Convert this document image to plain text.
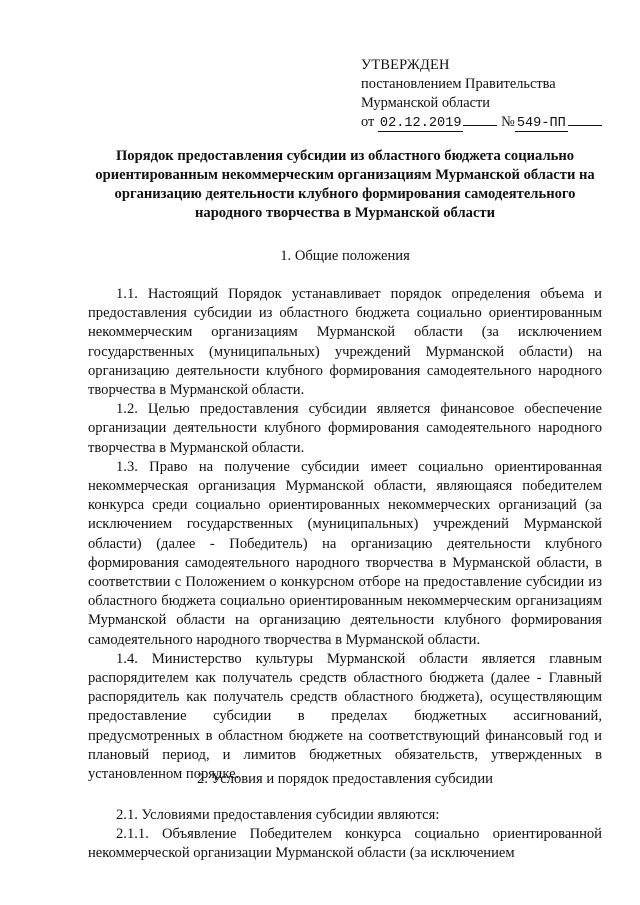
УТВЕРЖДЕН
постановлением Правительства
Мурманской области
от 02.12.2019	№ 549-ПП
Порядок предоставления субсидии из областного бюджета социально ориентированным некоммерческим организациям Мурманской области на организацию деятельности клубного формирования самодеятельного народного творчества в Мурманской области
1. Общие положения

1.1. Настоящий Порядок устанавливает порядок определения объема и предоставления субсидии из областного бюджета социально ориентированным некоммерческим организациям Мурманской области (за исключением государственных (муниципальных) учреждений Мурманской области) на организацию деятельности клубного формирования самодеятельного народного творчества в Мурманской области.

1.2. Целью предоставления субсидии является финансовое обеспечение организации деятельности клубного формирования самодеятельного народного творчества в Мурманской области.

1.3. Право на получение субсидии имеет социально ориентированная некоммерческая организация Мурманской области, являющаяся победителем конкурса среди социально ориентированных некоммерческих организаций (за исключением государственных (муниципальных) учреждений Мурманской области) (далее - Победитель) на организацию деятельности клубного формирования самодеятельного народного творчества в Мурманской области, в соответствии с Положением о конкурсном отборе на предоставление субсидии из областного бюджета социально ориентированным некоммерческим организациям Мурманской области на организацию деятельности клубного формирования самодеятельного народного творчества в Мурманской области.

1.4. Министерство культуры Мурманской области является главным распорядителем как получатель средств областного бюджета (далее - Главный распорядитель как получатель средств областного бюджета), осуществляющим предоставление субсидии в пределах бюджетных ассигнований, предусмотренных в областном бюджете на соответствующий финансовый год и плановый период, и лимитов бюджетных обязательств, утвержденных в установленном порядке.

2. Условия и порядок предоставления субсидии

2.1. Условиями предоставления субсидии являются:

2.1.1. Объявление Победителем конкурса социально ориентированной некоммерческой организации Мурманской области (за исключением
